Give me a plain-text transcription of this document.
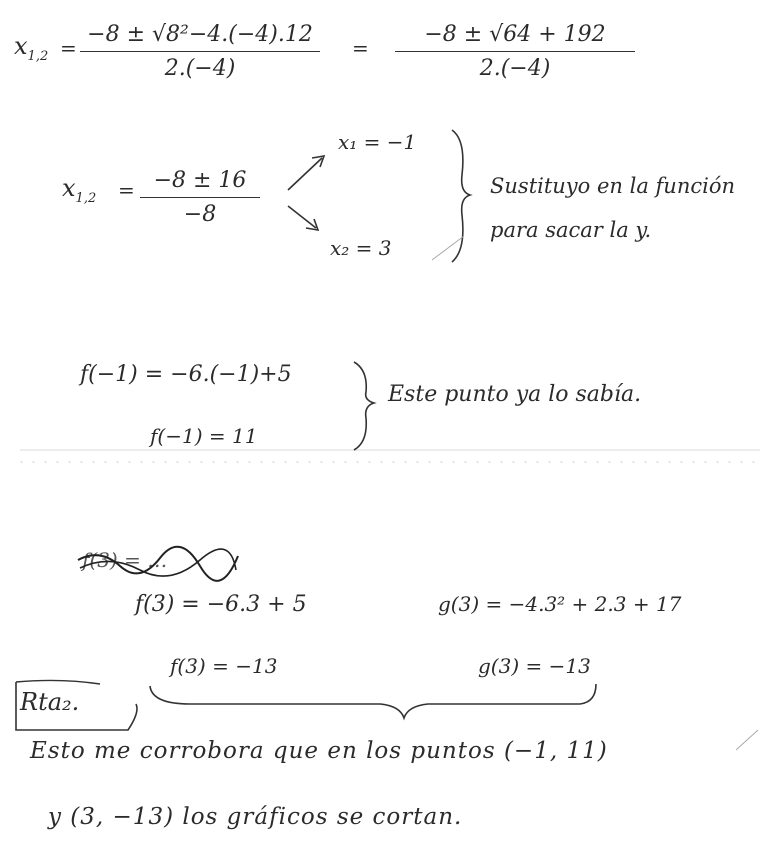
$x_{1,2}$ =
−8 ± √8²−4.(−4).12
2.(−4)
=
−8 ± √64 + 192
2.(−4)
$x_{1,2} = -8 \pm 16$
−8
x₁ = −1
x₂ = 3
Sustituyo en la función
para sacar la y.
f(−1) = −6.(−1)+5
f(−1) = 11
Este punto ya lo sabía.
f(3) = …
f(3) = −6.3 + 5	g(3) = −4.3² + 2.3 + 17
f(3) = −13	g(3) = −13
Rta₂.
Esto me corrobora que en los puntos (−1, 11)
y (3, −13) los gráficos se cortan.
